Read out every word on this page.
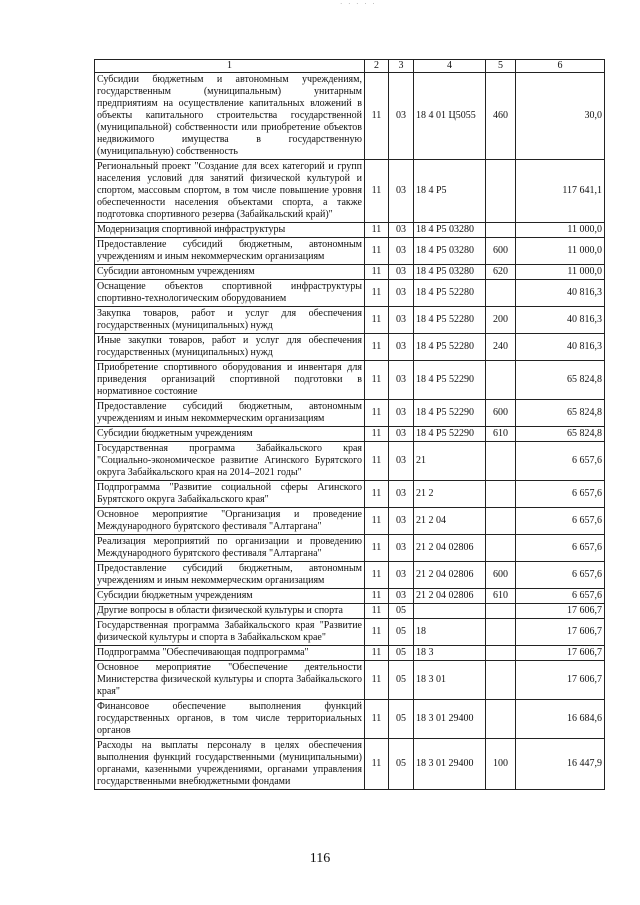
· · · · ·
1	2	3	4	5	6
Субсидии бюджетным и автономным учреждениям, государственным (муниципальным) унитарным предприятиям на осуществление капитальных вложений в объекты капитального строительства государственной (муниципальной) собственности или приобретение объектов недвижимого имущества в государственную (муниципальную) собственность	11	03	18 4 01 Ц5055	460	30,0
Региональный проект "Создание для всех категорий и групп населения условий для занятий физической культурой и спортом, массовым спортом, в том числе повышение уровня обеспеченности населения объектами спорта, а также подготовка спортивного резерва (Забайкальский край)"	11	03	18 4 P5		117 641,1
Модернизация спортивной инфраструктуры	11	03	18 4 P5 03280		11 000,0
Предоставление субсидий бюджетным, автономным учреждениям и иным некоммерческим организациям	11	03	18 4 P5 03280	600	11 000,0
Субсидии автономным учреждениям	11	03	18 4 P5 03280	620	11 000,0
Оснащение объектов спортивной инфраструктуры спортивно-технологическим оборудованием	11	03	18 4 P5 52280		40 816,3
Закупка товаров, работ и услуг для обеспечения государственных (муниципальных) нужд	11	03	18 4 P5 52280	200	40 816,3
Иные закупки товаров, работ и услуг для обеспечения государственных (муниципальных) нужд	11	03	18 4 P5 52280	240	40 816,3
Приобретение спортивного оборудования и инвентаря для приведения организаций спортивной подготовки в нормативное состояние	11	03	18 4 P5 52290		65 824,8
Предоставление субсидий бюджетным, автономным учреждениям и иным некоммерческим организациям	11	03	18 4 P5 52290	600	65 824,8
Субсидии бюджетным учреждениям	11	03	18 4 P5 52290	610	65 824,8
Государственная программа Забайкальского края "Социально-экономическое развитие Агинского Бурятского округа Забайкальского края на 2014–2021 годы"	11	03	21		6 657,6
Подпрограмма "Развитие социальной сферы Агинского Бурятского округа Забайкальского края"	11	03	21 2		6 657,6
Основное мероприятие "Организация и проведение Международного бурятского фестиваля "Алтаргана"	11	03	21 2 04		6 657,6
Реализация мероприятий по организации и проведению Международного бурятского фестиваля "Алтаргана"	11	03	21 2 04 02806		6 657,6
Предоставление субсидий бюджетным, автономным учреждениям и иным некоммерческим организациям	11	03	21 2 04 02806	600	6 657,6
Субсидии бюджетным учреждениям	11	03	21 2 04 02806	610	6 657,6
Другие вопросы в области физической культуры и спорта	11	05			17 606,7
Государственная программа Забайкальского края "Развитие физической культуры и спорта в Забайкальском крае"	11	05	18		17 606,7
Подпрограмма "Обеспечивающая подпрограмма"	11	05	18 3		17 606,7
Основное мероприятие "Обеспечение деятельности Министерства физической культуры и спорта Забайкальского края"	11	05	18 3 01		17 606,7
Финансовое обеспечение выполнения функций государственных органов, в том числе территориальных органов	11	05	18 3 01 29400		16 684,6
Расходы на выплаты персоналу в целях обеспечения выполнения функций государственными (муниципальными) органами, казенными учреждениями, органами управления государственными внебюджетными фондами	11	05	18 3 01 29400	100	16 447,9
116
